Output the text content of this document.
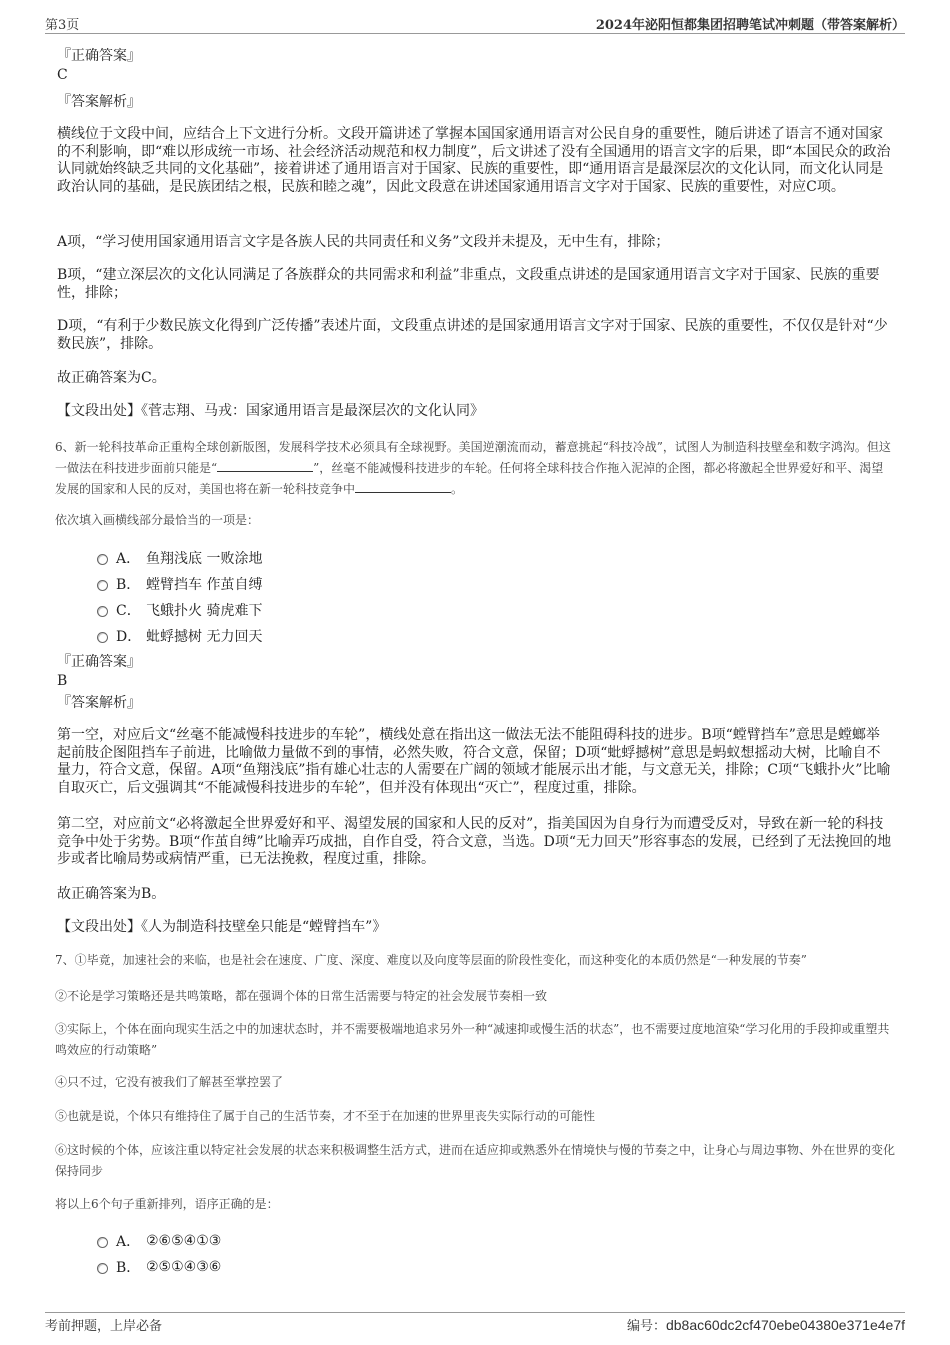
第3页	2024年泌阳恒都集团招聘笔试冲刺题（带答案解析）
『正确答案』
C
『答案解析』
横线位于文段中间，应结合上下文进行分析。文段开篇讲述了掌握本国国家通用语言对公民自身的重要性，随后讲述了语言不通对国家的不利影响，即“难以形成统一市场、社会经济活动规范和权力制度”，后文讲述了没有全国通用的语言文字的后果，即“本国民众的政治认同就始终缺乏共同的文化基础”，接着讲述了通用语言对于国家、民族的重要性，即“通用语言是最深层次的文化认同，而文化认同是政治认同的基础，是民族团结之根，民族和睦之魂”，因此文段意在讲述国家通用语言文字对于国家、民族的重要性，对应C项。
A项，“学习使用国家通用语言文字是各族人民的共同责任和义务”文段并未提及，无中生有，排除；
B项，“建立深层次的文化认同满足了各族群众的共同需求和利益”非重点，文段重点讲述的是国家通用语言文字对于国家、民族的重要性，排除；
D项，“有利于少数民族文化得到广泛传播”表述片面，文段重点讲述的是国家通用语言文字对于国家、民族的重要性，不仅仅是针对“少数民族”，排除。
故正确答案为C。
【文段出处】《菅志翔、马戎：国家通用语言是最深层次的文化认同》
6、新一轮科技革命正重构全球创新版图，发展科学技术必须具有全球视野。美国逆潮流而动，蓄意挑起“科技冷战”，试图人为制造科技壁垒和数字鸿沟。但这一做法在科技进步面前只能是“	”，丝毫不能减慢科技进步的车轮。任何将全球科技合作拖入泥淖的企图，都必将激起全世界爱好和平、渴望发展的国家和人民的反对，美国也将在新一轮科技竞争中	。
依次填入画横线部分最恰当的一项是：
A． 鱼翔浅底 一败涂地
B． 螳臂挡车 作茧自缚
C． 飞蛾扑火 骑虎难下
D． 蚍蜉撼树 无力回天
『正确答案』
B
『答案解析』
第一空，对应后文“丝毫不能减慢科技进步的车轮”，横线处意在指出这一做法无法不能阻碍科技的进步。B项“螳臂挡车”意思是螳螂举起前肢企图阻挡车子前进，比喻做力量做不到的事情，必然失败，符合文意，保留；D项“蚍蜉撼树”意思是蚂蚁想摇动大树，比喻自不量力，符合文意，保留。A项“鱼翔浅底”指有雄心壮志的人需要在广阔的领域才能展示出才能，与文意无关，排除；C项“飞蛾扑火”比喻自取灭亡，后文强调其“不能减慢科技进步的车轮”，但并没有体现出“灭亡”，程度过重，排除。
第二空，对应前文“必将激起全世界爱好和平、渴望发展的国家和人民的反对”，指美国因为自身行为而遭受反对，导致在新一轮的科技竞争中处于劣势。B项“作茧自缚”比喻弄巧成拙，自作自受，符合文意，当选。D项“无力回天”形容事态的发展，已经到了无法挽回的地步或者比喻局势或病情严重，已无法挽救，程度过重，排除。
故正确答案为B。
【文段出处】《人为制造科技壁垒只能是“螳臂挡车”》
7、①毕竟，加速社会的来临，也是社会在速度、广度、深度、难度以及向度等层面的阶段性变化，而这种变化的本质仍然是“一种发展的节奏”
②不论是学习策略还是共鸣策略，都在强调个体的日常生活需要与特定的社会发展节奏相一致
③实际上，个体在面向现实生活之中的加速状态时，并不需要极端地追求另外一种“减速抑或慢生活的状态”，也不需要过度地渲染“学习化用的手段抑或重塑共鸣效应的行动策略”
④只不过，它没有被我们了解甚至掌控罢了
⑤也就是说，个体只有维持住了属于自己的生活节奏，才不至于在加速的世界里丧失实际行动的可能性
⑥这时候的个体，应该注重以特定社会发展的状态来积极调整生活方式，进而在适应抑或熟悉外在情境快与慢的节奏之中，让身心与周边事物、外在世界的变化保持同步
将以上6个句子重新排列，语序正确的是：
A． ②⑥⑤④①③
B． ②⑤①④③⑥
考前押题，上岸必备	编号：db8ac60dc2cf470ebe04380e371e4e7f
